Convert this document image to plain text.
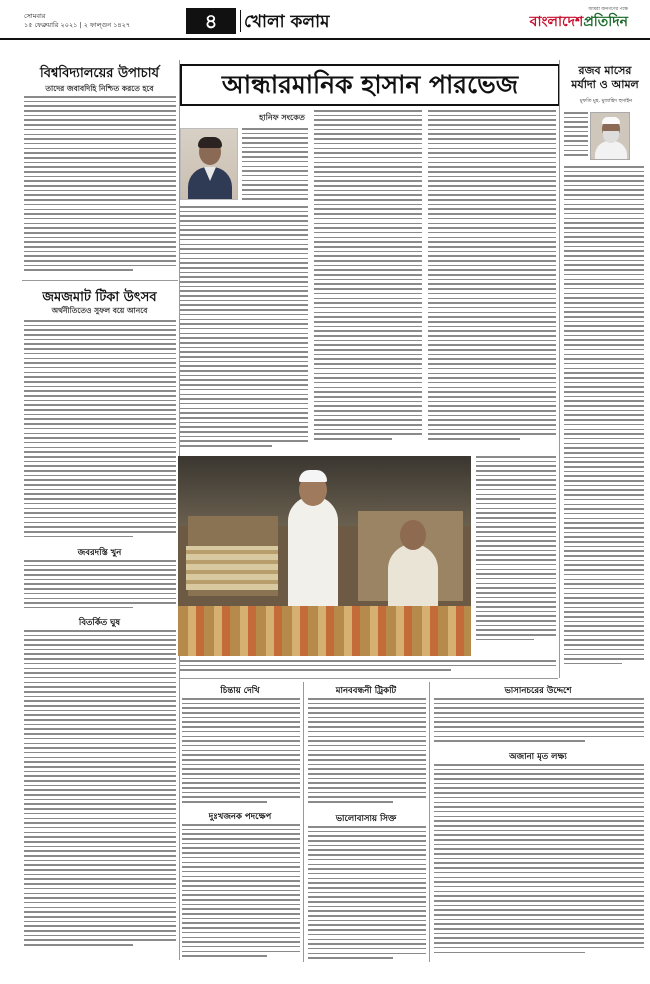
সোমবার
১৫ ফেব্রুয়ারি ২০২১ | ২ ফাল্গুন ১৪২৭	৪	খোলা কলাম
আমরা জনগণের পক্ষে
বাংলাদেশপ্রতিদিন
বিশ্ববিদ্যালয়ের উপাচার্য
তাদের জবাবদিহি নিশ্চিত করতে হবে
জমজমাট টিকা উৎসব
অর্থনীতিতেও সুফল বয়ে আনবে
জবরদস্তি খুন
বিতর্কিত ঘুষ
আন্ধারমানিক হাসান পারভেজ
হানিফ সংকেত
রজব মাসের মর্যাদা ও আমল
মুফতি মুহ. মুজাহিদ হুসাইন
চিন্তায় দেখি
দুঃখজনক পদক্ষেপ
মানববন্ধনী ট্রিকটি
ভালোবাসায় সিক্ত
ভাসানচরের উদ্দেশে
অজানা মৃত লক্ষ্য
